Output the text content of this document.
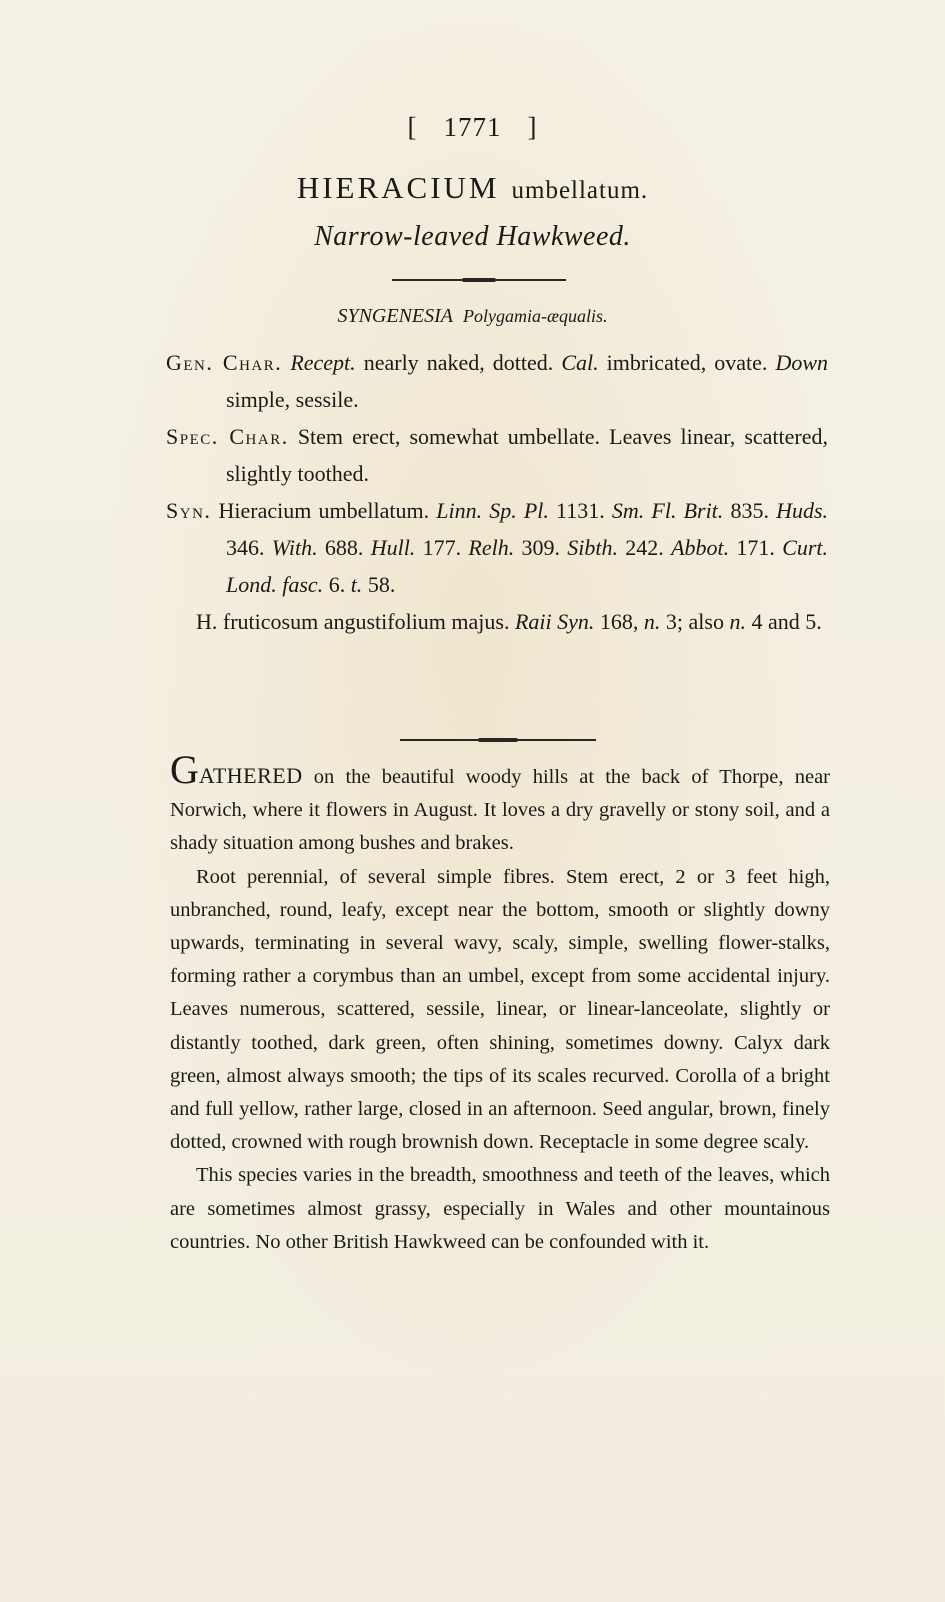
[ 1771 ]
HIERACIUM umbellatum.
Narrow-leaved Hawkweed.
SYNGENESIA Polygamia-æqualis.

Gen. Char. Recept. nearly naked, dotted. Cal. imbricated, ovate. Down simple, sessile.

Spec. Char. Stem erect, somewhat umbellate. Leaves linear, scattered, slightly toothed.

Syn. Hieracium umbellatum. Linn. Sp. Pl. 1131. Sm. Fl. Brit. 835. Huds. 346. With. 688. Hull. 177. Relh. 309. Sibth. 242. Abbot. 171. Curt. Lond. fasc. 6. t. 58.

H. fruticosum angustifolium majus. Raii Syn. 168, n. 3; also n. 4 and 5.

GATHERED on the beautiful woody hills at the back of Thorpe, near Norwich, where it flowers in August. It loves a dry gravelly or stony soil, and a shady situation among bushes and brakes.

Root perennial, of several simple fibres. Stem erect, 2 or 3 feet high, unbranched, round, leafy, except near the bottom, smooth or slightly downy upwards, terminating in several wavy, scaly, simple, swelling flower-stalks, forming rather a corymbus than an umbel, except from some accidental injury. Leaves numerous, scattered, sessile, linear, or linear-lanceolate, slightly or distantly toothed, dark green, often shining, sometimes downy. Calyx dark green, almost always smooth; the tips of its scales recurved. Corolla of a bright and full yellow, rather large, closed in an afternoon. Seed angular, brown, finely dotted, crowned with rough brownish down. Receptacle in some degree scaly.

This species varies in the breadth, smoothness and teeth of the leaves, which are sometimes almost grassy, especially in Wales and other mountainous countries. No other British Hawkweed can be confounded with it.
